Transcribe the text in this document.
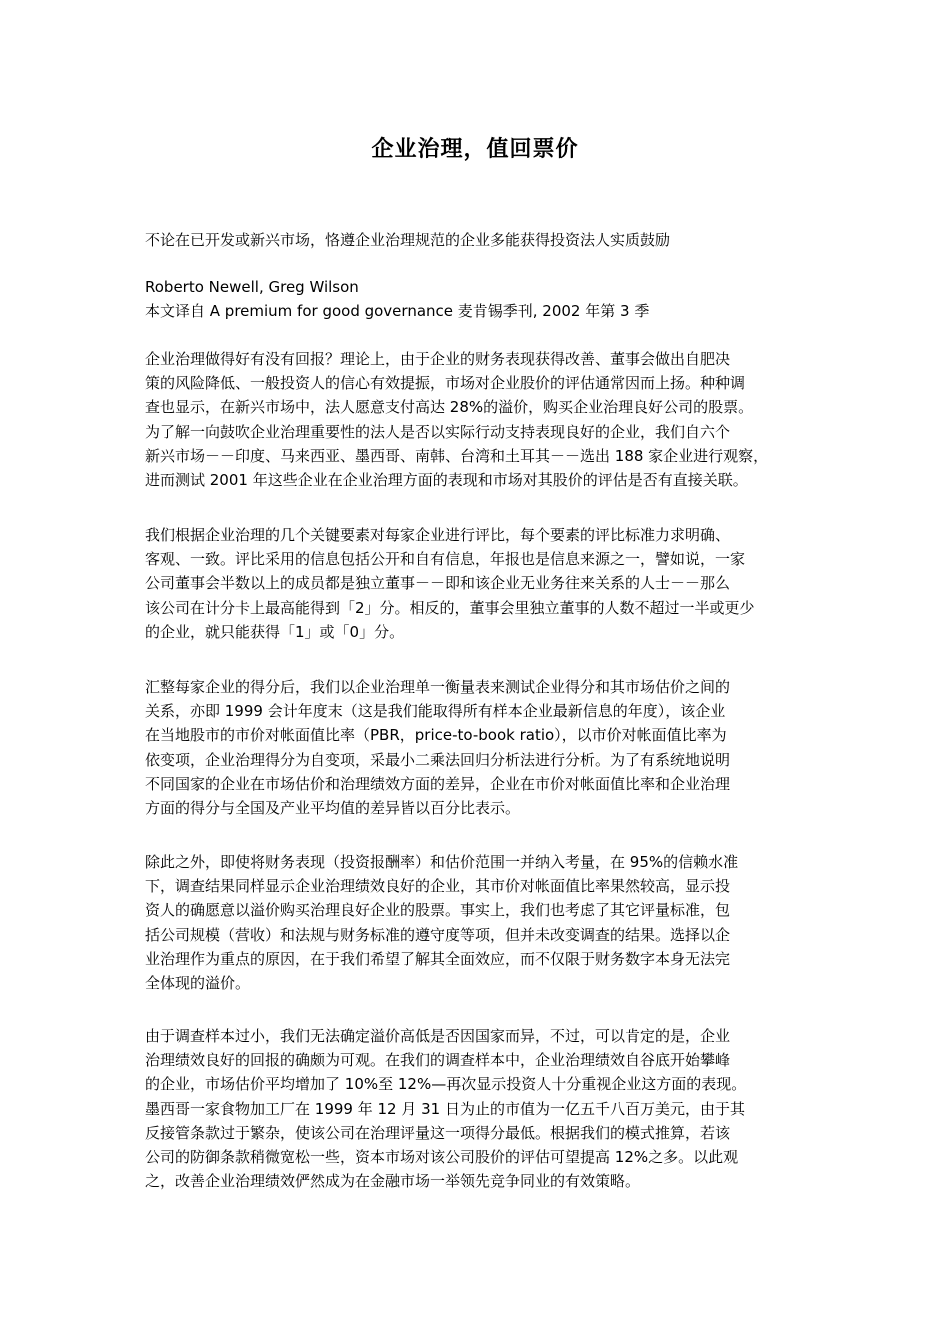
企业治理，值回票价
不论在已开发或新兴市场，恪遵企业治理规范的企业多能获得投资法人实质鼓励
Roberto Newell, Greg Wilson
本文译自 A premium for good governance 麦肯锡季刊, 2002 年第 3 季
企业治理做得好有没有回报？理论上，由于企业的财务表现获得改善、董事会做出自肥决
策的风险降低、一般投资人的信心有效提振，市场对企业股价的评估通常因而上扬。种种调
查也显示，在新兴市场中，法人愿意支付高达 28%的溢价，购买企业治理良好公司的股票。
为了解一向鼓吹企业治理重要性的法人是否以实际行动支持表现良好的企业，我们自六个
新兴市场－－印度、马来西亚、墨西哥、南韩、台湾和土耳其－－选出 188 家企业进行观察，
进而测试 2001 年这些企业在企业治理方面的表现和市场对其股价的评估是否有直接关联。
我们根据企业治理的几个关键要素对每家企业进行评比，每个要素的评比标准力求明确、
客观、一致。评比采用的信息包括公开和自有信息，年报也是信息来源之一，譬如说，一家
公司董事会半数以上的成员都是独立董事－－即和该企业无业务往来关系的人士－－那么
该公司在计分卡上最高能得到「2」分。相反的，董事会里独立董事的人数不超过一半或更少
的企业，就只能获得「1」或「0」分。
汇整每家企业的得分后，我们以企业治理单一衡量表来测试企业得分和其市场估价之间的
关系，亦即 1999 会计年度末（这是我们能取得所有样本企业最新信息的年度），该企业
在当地股市的市价对帐面值比率（PBR，price-to-book ratio），以市价对帐面值比率为
依变项，企业治理得分为自变项，采最小二乘法回归分析法进行分析。为了有系统地说明
不同国家的企业在市场估价和治理绩效方面的差异，企业在市价对帐面值比率和企业治理
方面的得分与全国及产业平均值的差异皆以百分比表示。
除此之外，即使将财务表现（投资报酬率）和估价范围一并纳入考量，在 95%的信赖水准
下，调查结果同样显示企业治理绩效良好的企业，其市价对帐面值比率果然较高，显示投
资人的确愿意以溢价购买治理良好企业的股票。事实上，我们也考虑了其它评量标准，包
括公司规模（营收）和法规与财务标准的遵守度等项，但并未改变调查的结果。选择以企
业治理作为重点的原因，在于我们希望了解其全面效应，而不仅限于财务数字本身无法完
全体现的溢价。
由于调查样本过小，我们无法确定溢价高低是否因国家而异，不过，可以肯定的是，企业
治理绩效良好的回报的确颇为可观。在我们的调查样本中，企业治理绩效自谷底开始攀峰
的企业，市场估价平均增加了 10%至 12%—再次显示投资人十分重视企业这方面的表现。
墨西哥一家食物加工厂在 1999 年 12 月 31 日为止的市值为一亿五千八百万美元，由于其
反接管条款过于繁杂，使该公司在治理评量这一项得分最低。根据我们的模式推算，若该
公司的防御条款稍微宽松一些，资本市场对该公司股价的评估可望提高 12%之多。以此观
之，改善企业治理绩效俨然成为在金融市场一举领先竞争同业的有效策略。
